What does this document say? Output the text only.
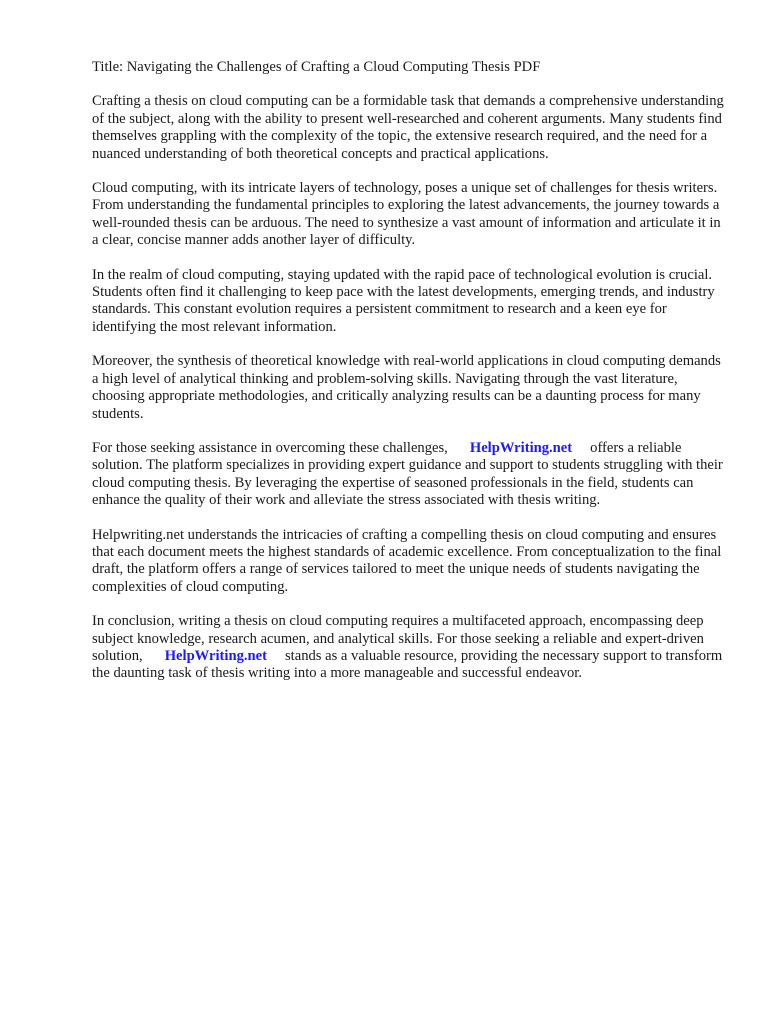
Title: Navigating the Challenges of Crafting a Cloud Computing Thesis PDF

Crafting a thesis on cloud computing can be a formidable task that demands a comprehensive understanding of the subject, along with the ability to present well-researched and coherent arguments. Many students find themselves grappling with the complexity of the topic, the extensive research required, and the need for a nuanced understanding of both theoretical concepts and practical applications.

Cloud computing, with its intricate layers of technology, poses a unique set of challenges for thesis writers. From understanding the fundamental principles to exploring the latest advancements, the journey towards a well-rounded thesis can be arduous. The need to synthesize a vast amount of information and articulate it in a clear, concise manner adds another layer of difficulty.

In the realm of cloud computing, staying updated with the rapid pace of technological evolution is crucial. Students often find it challenging to keep pace with the latest developments, emerging trends, and industry standards. This constant evolution requires a persistent commitment to research and a keen eye for identifying the most relevant information.

Moreover, the synthesis of theoretical knowledge with real-world applications in cloud computing demands a high level of analytical thinking and problem-solving skills. Navigating through the vast literature, choosing appropriate methodologies, and critically analyzing results can be a daunting process for many students.

For those seeking assistance in overcoming these challenges, HelpWriting.net offers a reliable solution. The platform specializes in providing expert guidance and support to students struggling with their cloud computing thesis. By leveraging the expertise of seasoned professionals in the field, students can enhance the quality of their work and alleviate the stress associated with thesis writing.

Helpwriting.net understands the intricacies of crafting a compelling thesis on cloud computing and ensures that each document meets the highest standards of academic excellence. From conceptualization to the final draft, the platform offers a range of services tailored to meet the unique needs of students navigating the complexities of cloud computing.

In conclusion, writing a thesis on cloud computing requires a multifaceted approach, encompassing deep subject knowledge, research acumen, and analytical skills. For those seeking a reliable and expert-driven solution, HelpWriting.net stands as a valuable resource, providing the necessary support to transform the daunting task of thesis writing into a more manageable and successful endeavor.
